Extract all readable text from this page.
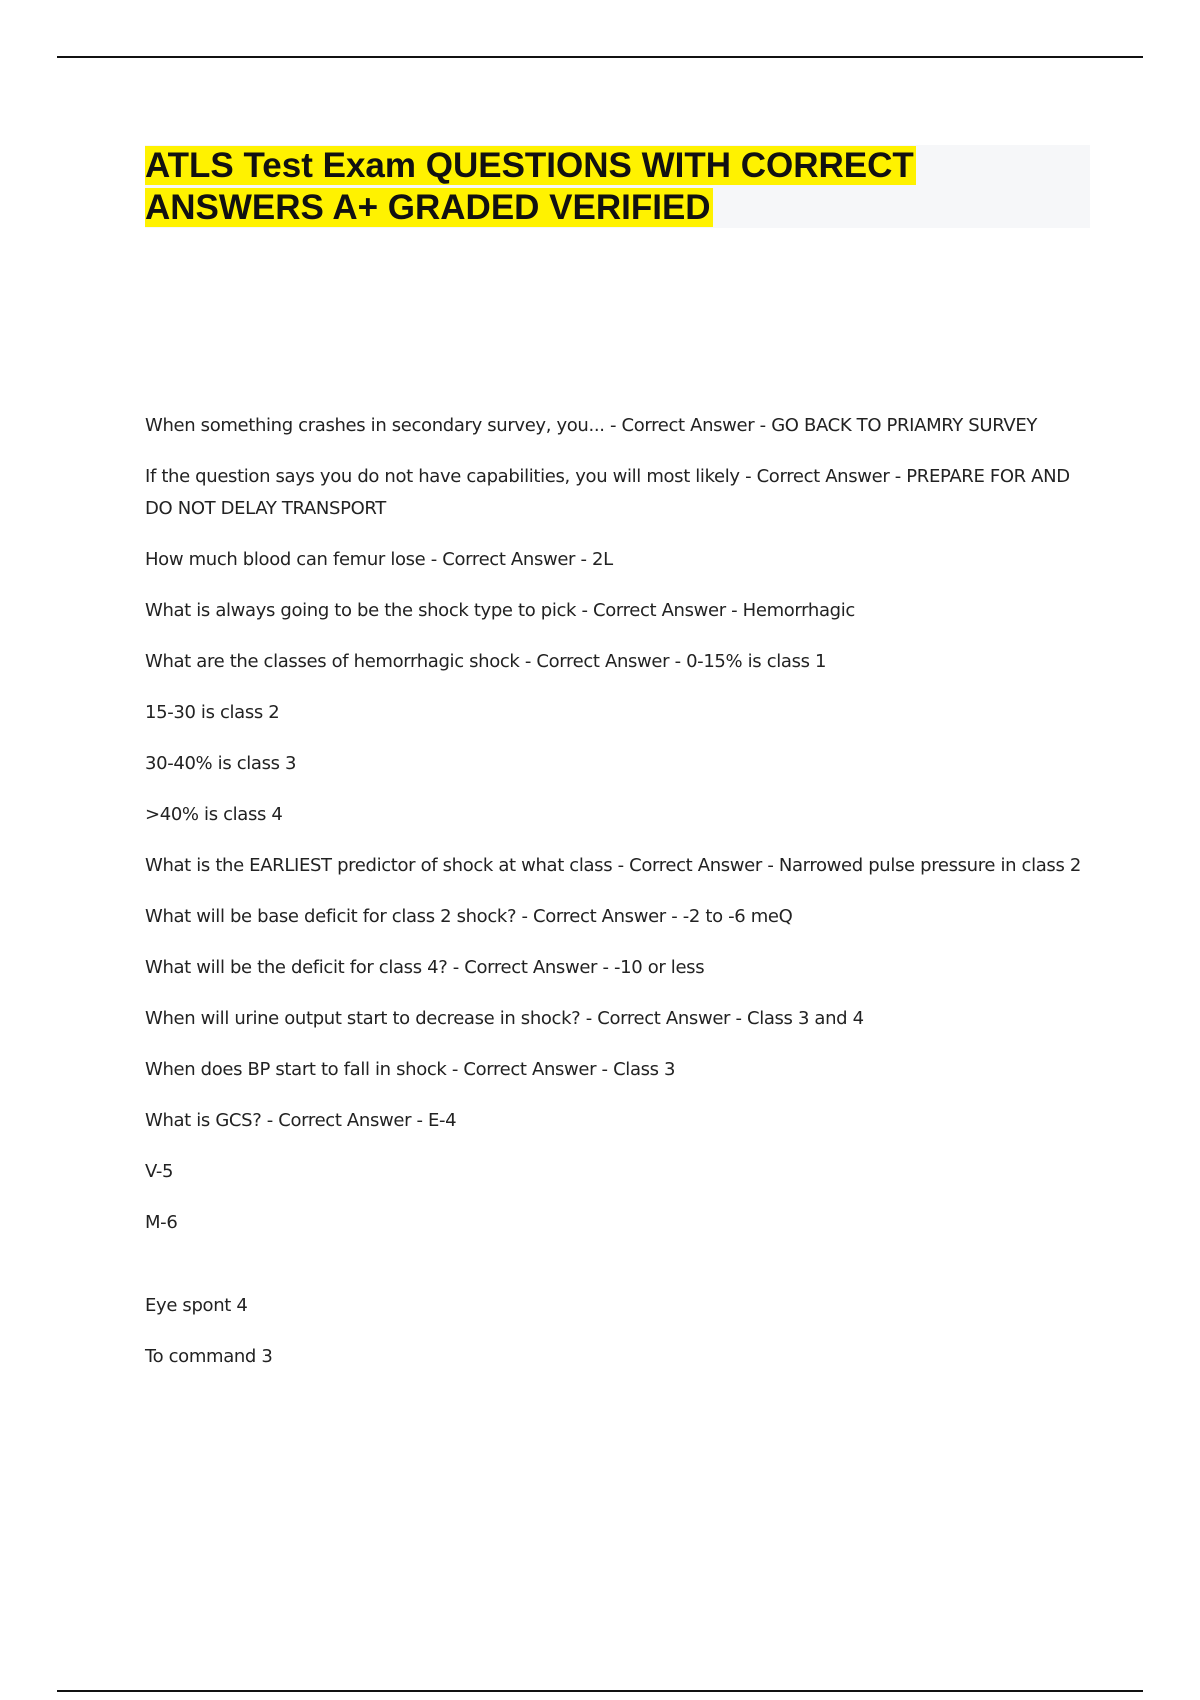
ATLS Test Exam QUESTIONS WITH CORRECT ANSWERS A+ GRADED VERIFIED

When something crashes in secondary survey, you... - Correct Answer - GO BACK TO PRIAMRY SURVEY

If the question says you do not have capabilities, you will most likely - Correct Answer - PREPARE FOR AND DO NOT DELAY TRANSPORT

How much blood can femur lose - Correct Answer - 2L

What is always going to be the shock type to pick - Correct Answer - Hemorrhagic

What are the classes of hemorrhagic shock - Correct Answer - 0-15% is class 1

15-30 is class 2

30-40% is class 3

>40% is class 4

What is the EARLIEST predictor of shock at what class - Correct Answer - Narrowed pulse pressure in class 2

What will be base deficit for class 2 shock? - Correct Answer - -2 to -6 meQ

What will be the deficit for class 4? - Correct Answer - -10 or less

When will urine output start to decrease in shock? - Correct Answer - Class 3 and 4

When does BP start to fall in shock - Correct Answer - Class 3

What is GCS? - Correct Answer - E-4

V-5

M-6

Eye spont 4

To command 3
